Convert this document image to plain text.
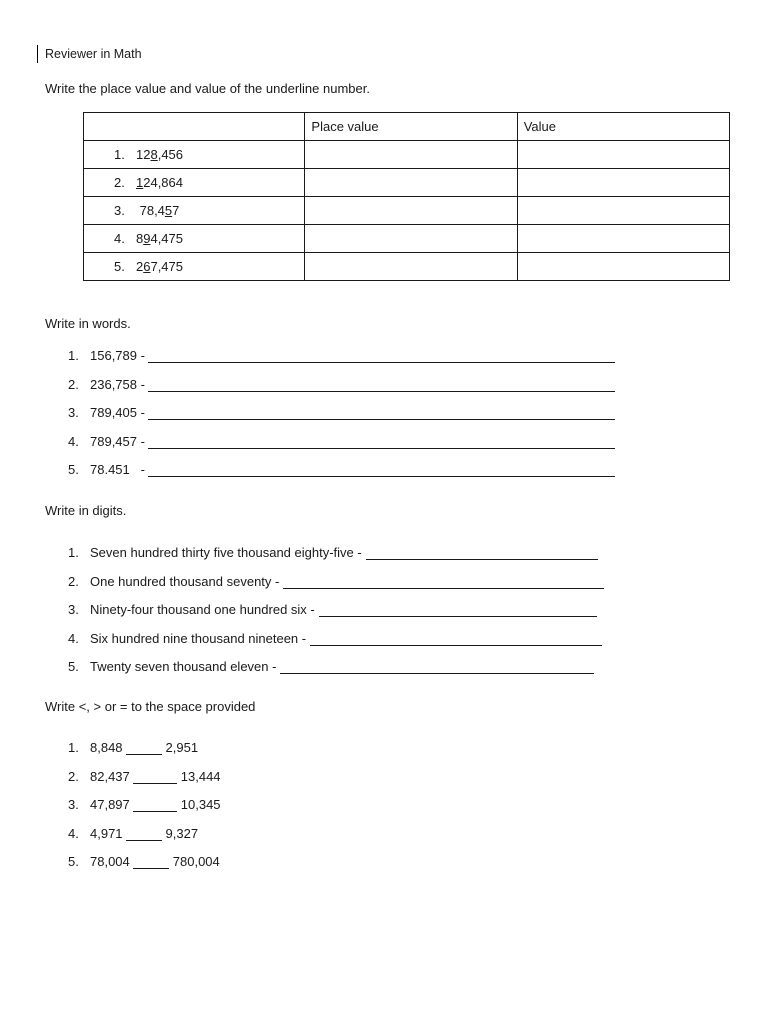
Reviewer in Math
Write the place value and value of the underline number.
	Place value	Value
1. 128,456		
2. 124,864		
3. 78,457		
4. 894,475		
5. 267,475		
Write in words.
1. 156,789 -
2. 236,758 -
3. 789,405 -
4. 789,457 -
5. 78.451   -
Write in digits.
1. Seven hundred thirty five thousand eighty-five -
2. One hundred thousand seventy -
3. Ninety-four thousand one hundred six -
4. Six hundred nine thousand nineteen -
5. Twenty seven thousand eleven -
Write <, > or = to the space provided
1. 8,848	2,951
2. 82,437	13,444
3. 47,897	10,345
4. 4,971	9,327
5. 78,004	780,004
